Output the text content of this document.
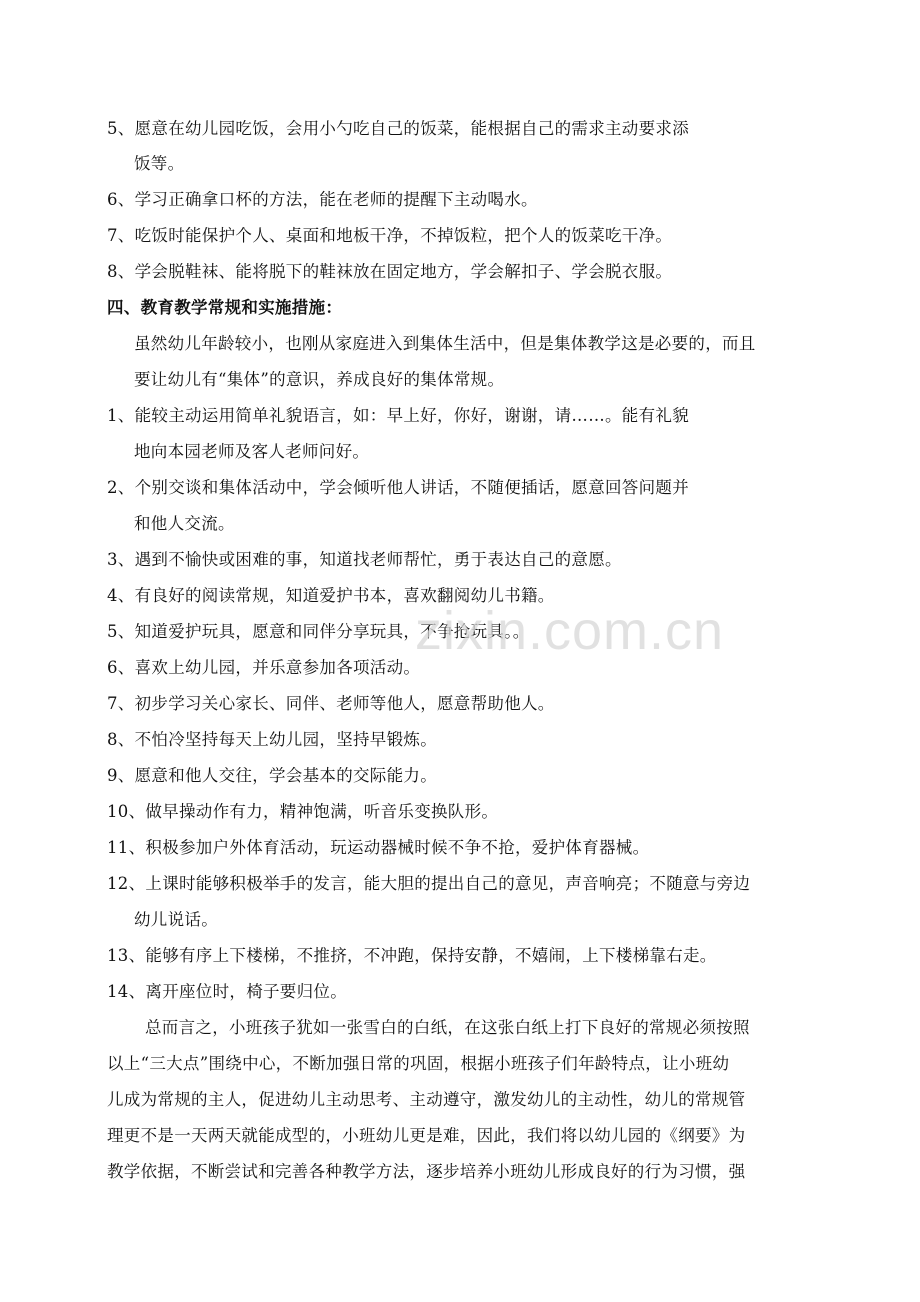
5、愿意在幼儿园吃饭，会用小勺吃自己的饭菜，能根据自己的需求主动要求添
饭等。
6、学习正确拿口杯的方法，能在老师的提醒下主动喝水。
7、吃饭时能保护个人、桌面和地板干净，不掉饭粒，把个人的饭菜吃干净。
8、学会脱鞋袜、能将脱下的鞋袜放在固定地方，学会解扣子、学会脱衣服。
四、教育教学常规和实施措施：
虽然幼儿年龄较小，也刚从家庭进入到集体生活中，但是集体教学这是必要的，而且
要让幼儿有“集体”的意识，养成良好的集体常规。
1、能较主动运用简单礼貌语言，如：早上好，你好，谢谢，请……。能有礼貌
地向本园老师及客人老师问好。
2、个别交谈和集体活动中，学会倾听他人讲话，不随便插话，愿意回答问题并
和他人交流。
3、遇到不愉快或困难的事，知道找老师帮忙，勇于表达自己的意愿。
4、有良好的阅读常规，知道爱护书本，喜欢翻阅幼儿书籍。
5、知道爱护玩具，愿意和同伴分享玩具，不争抢玩具。。
6、喜欢上幼儿园，并乐意参加各项活动。
7、初步学习关心家长、同伴、老师等他人，愿意帮助他人。
8、不怕冷坚持每天上幼儿园，坚持早锻炼。
9、愿意和他人交往，学会基本的交际能力。
10、做早操动作有力，精神饱满，听音乐变换队形。
11、积极参加户外体育活动，玩运动器械时候不争不抢，爱护体育器械。
12、上课时能够积极举手的发言，能大胆的提出自己的意见，声音响亮；不随意与旁边
幼儿说话。
13、能够有序上下楼梯，不推挤，不冲跑，保持安静，不嬉闹，上下楼梯靠右走。
14、离开座位时，椅子要归位。
总而言之，小班孩子犹如一张雪白的白纸，在这张白纸上打下良好的常规必须按照
以上“三大点”围绕中心，不断加强日常的巩固，根据小班孩子们年龄特点，让小班幼
儿成为常规的主人，促进幼儿主动思考、主动遵守，激发幼儿的主动性，幼儿的常规管
理更不是一天两天就能成型的，小班幼儿更是难，因此，我们将以幼儿园的《纲要》为
教学依据，不断尝试和完善各种教学方法，逐步培养小班幼儿形成良好的行为习惯，强
zixin.com.cn
